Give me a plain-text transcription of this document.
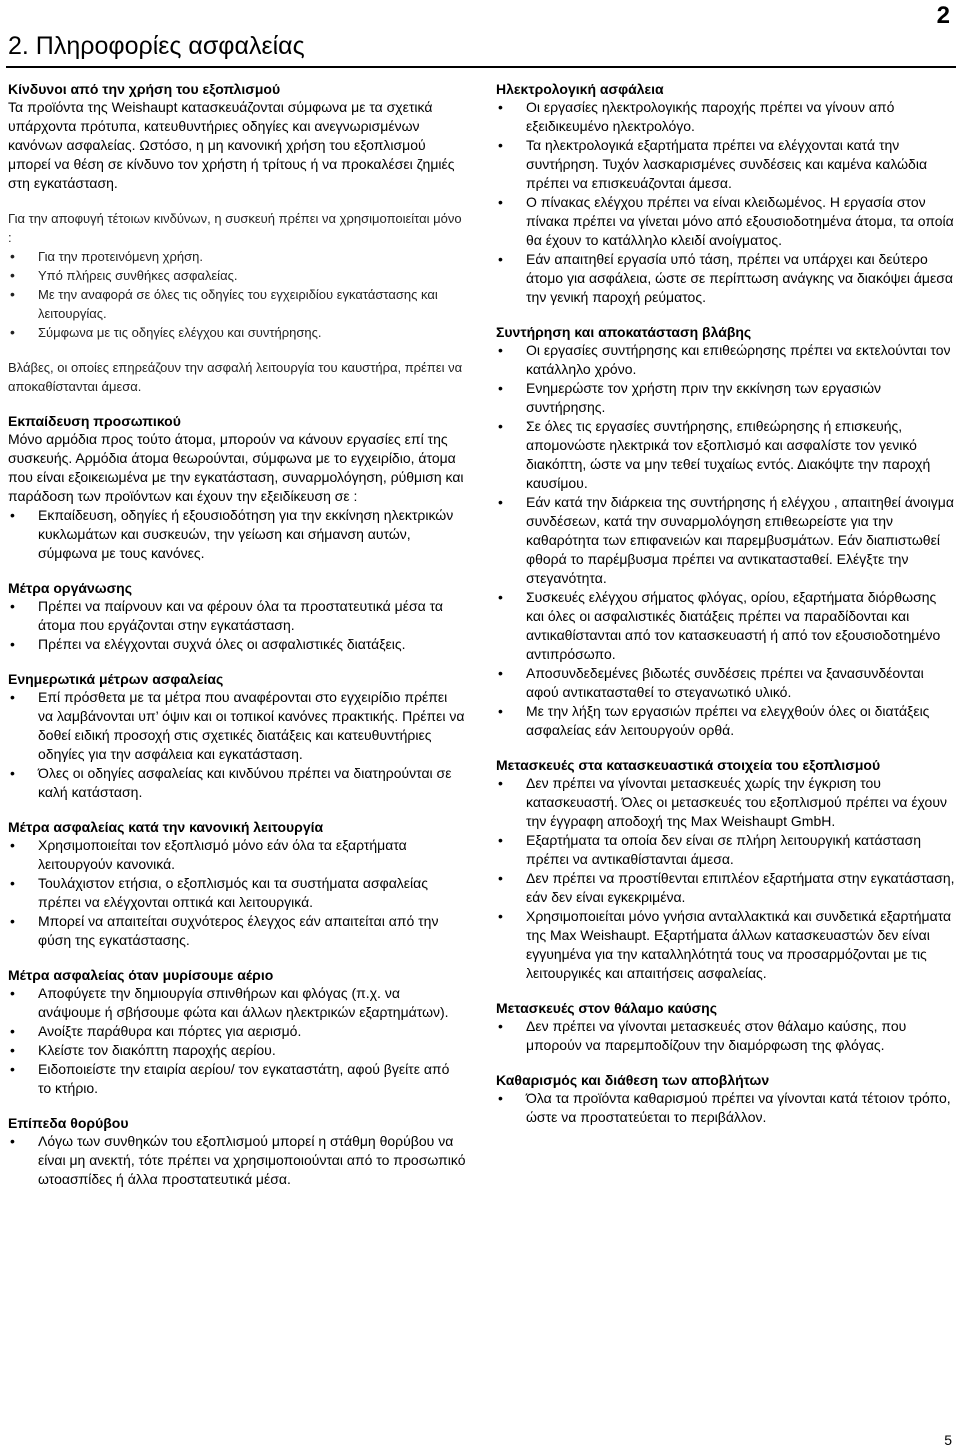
2. Πληροφορίες ασφαλείας
2
Κίνδυνοι από την χρήση του εξοπλισμού

Τα προϊόντα της Weishaupt κατασκευάζονται σύμφωνα με τα σχετικά υπάρχοντα πρότυπα, κατευθυντήριες οδηγίες και ανεγνωρισμένων κανόνων ασφαλείας. Ωστόσο, η μη κανονική χρήση του εξοπλισμού μπορεί να θέση σε κίνδυνο τον χρήστη ή τρίτους ή να προκαλέσει ζημιές στη εγκατάσταση.

Για την αποφυγή τέτοιων κινδύνων, η συσκευή πρέπει να χρησιμοποιείται μόνο :

• Για την προτεινόμενη χρήση.
• Υπό πλήρεις συνθήκες ασφαλείας.
• Με την αναφορά σε όλες τις οδηγίες του εγχειριδίου εγκατάστασης και λειτουργίας.
• Σύμφωνα με τις οδηγίες ελέγχου και συντήρησης.

Βλάβες, οι οποίες επηρεάζουν την ασφαλή λειτουργία του καυστήρα, πρέπει να αποκαθίστανται άμεσα.

Εκπαίδευση προσωπικού

Μόνο αρμόδια προς τούτο άτομα, μπορούν να κάνουν εργασίες επί της συσκευής. Αρμόδια άτομα θεωρούνται, σύμφωνα με το εγχειρίδιο, άτομα που είναι εξοικειωμένα με την εγκατάσταση, συναρμολόγηση, ρύθμιση και παράδοση των προϊόντων και έχουν την εξειδίκευση σε :

• Εκπαίδευση, οδηγίες ή εξουσιοδότηση για την εκκίνηση ηλεκτρικών κυκλωμάτων και συσκευών, την γείωση και σήμανση αυτών, σύμφωνα με τους κανόνες.
Μέτρα οργάνωσης
• Πρέπει να παίρνουν και να φέρουν όλα τα προστατευτικά μέσα τα άτομα που εργάζονται στην εγκατάσταση.
• Πρέπει να ελέγχονται συχνά όλες οι ασφαλιστικές διατάξεις.
Ενημερωτικά μέτρων ασφαλείας
• Επί πρόσθετα με τα μέτρα που αναφέρονται στο εγχειρίδιο πρέπει να λαμβάνονται υπ’ όψιν και οι τοπικοί κανόνες πρακτικής. Πρέπει να δοθεί ειδική προσοχή στις σχετικές διατάξεις και κατευθυντήριες οδηγίες για την ασφάλεια και εγκατάσταση.
• Όλες οι οδηγίες ασφαλείας και κινδύνου πρέπει να διατηρούνται σε καλή κατάσταση.
Μέτρα ασφαλείας κατά την κανονική λειτουργία
• Χρησιμοποιείται τον εξοπλισμό μόνο εάν όλα τα εξαρτήματα λειτουργούν κανονικά.
• Τουλάχιστον ετήσια, ο εξοπλισμός και τα συστήματα ασφαλείας πρέπει να ελέγχονται οπτικά και λειτουργικά.
• Μπορεί να απαιτείται συχνότερος έλεγχος εάν απαιτείται από την φύση της εγκατάστασης.
Μέτρα ασφαλείας όταν μυρίσουμε αέριο
• Αποφύγετε την δημιουργία σπινθήρων και φλόγας (π.χ. να ανάψουμε ή σβήσουμε φώτα και άλλων ηλεκτρικών εξαρτημάτων).
• Ανοίξτε παράθυρα και πόρτες για αερισμό.
• Κλείστε τον διακόπτη παροχής αερίου.
• Ειδοποιείστε την εταιρία αερίου/ τον εγκαταστάτη, αφού βγείτε από το κτήριο.
Επίπεδα θορύβου
• Λόγω των συνθηκών του εξοπλισμού μπορεί η στάθμη θορύβου να είναι μη ανεκτή, τότε πρέπει να χρησιμοποιούνται από το προσωπικό ωτοασπίδες ή άλλα προστατευτικά μέσα.
Ηλεκτρολογική ασφάλεια
• Οι εργασίες ηλεκτρολογικής παροχής πρέπει να γίνουν από εξειδικευμένο ηλεκτρολόγο.
• Τα ηλεκτρολογικά εξαρτήματα πρέπει να ελέγχονται κατά την συντήρηση. Τυχόν λασκαρισμένες συνδέσεις και καμένα καλώδια πρέπει να επισκευάζονται άμεσα.
• Ο πίνακας ελέγχου πρέπει να είναι κλειδωμένος. Η εργασία στον πίνακα πρέπει να γίνεται μόνο από εξουσιοδοτημένα άτομα, τα οποία θα έχουν το κατάλληλο κλειδί ανοίγματος.
• Εάν απαιτηθεί εργασία υπό τάση, πρέπει να υπάρχει και δεύτερο άτομο για ασφάλεια, ώστε σε περίπτωση ανάγκης να διακόψει άμεσα την γενική παροχή ρεύματος.
Συντήρηση και αποκατάσταση βλάβης
• Οι εργασίες συντήρησης και επιθεώρησης πρέπει να εκτελούνται τον κατάλληλο χρόνο.
• Ενημερώστε τον χρήστη πριν την εκκίνηση των εργασιών συντήρησης.
• Σε όλες τις εργασίες συντήρησης, επιθεώρησης ή επισκευής, απομονώστε ηλεκτρικά τον εξοπλισμό και ασφαλίστε τον γενικό διακόπτη, ώστε να μην τεθεί τυχαίως εντός. Διακόψτε την παροχή καυσίμου.
• Εάν κατά την διάρκεια της συντήρησης ή ελέγχου , απαιτηθεί άνοιγμα συνδέσεων, κατά την συναρμολόγηση επιθεωρείστε για την καθαρότητα των επιφανειών και παρεμβυσμάτων. Εάν διαπιστωθεί φθορά το παρέμβυσμα πρέπει να αντικατασταθεί. Ελέγξτε την στεγανότητα.
• Συσκευές ελέγχου σήματος φλόγας, ορίου, εξαρτήματα διόρθωσης και όλες οι ασφαλιστικές διατάξεις πρέπει να παραδίδονται και αντικαθίστανται από τον κατασκευαστή ή από τον εξουσιοδοτημένο αντιπρόσωπο.
• Αποσυνδεδεμένες βιδωτές συνδέσεις πρέπει να ξανασυνδέονται αφού αντικατασταθεί το στεγανωτικό υλικό.
• Με την λήξη των εργασιών πρέπει να ελεγχθούν όλες οι διατάξεις ασφαλείας εάν λειτουργούν ορθά.
Μετασκευές στα κατασκευαστικά στοιχεία του εξοπλισμού
• Δεν πρέπει να γίνονται μετασκευές χωρίς την έγκριση του κατασκευαστή. Όλες οι μετασκευές του εξοπλισμού πρέπει να έχουν την έγγραφη αποδοχή της Max Weishaupt GmbH.
• Εξαρτήματα τα οποία δεν είναι σε πλήρη λειτουργική κατάσταση πρέπει να αντικαθίστανται άμεσα.
• Δεν πρέπει να προστίθενται επιπλέον εξαρτήματα στην εγκατάσταση, εάν δεν είναι εγκεκριμένα.
• Χρησιμοποιείται μόνο γνήσια ανταλλακτικά και συνδετικά εξαρτήματα της Max Weishaupt. Εξαρτήματα άλλων κατασκευαστών δεν είναι εγγυημένα για την καταλληλότητά τους να προσαρμόζονται με τις λειτουργικές και απαιτήσεις ασφαλείας.
Μετασκευές στον θάλαμο καύσης
• Δεν πρέπει να γίνονται μετασκευές στον θάλαμο καύσης, που μπορούν να παρεμποδίζουν την διαμόρφωση της φλόγας.
Καθαρισμός και διάθεση των αποβλήτων
• Όλα τα προϊόντα καθαρισμού πρέπει να γίνονται κατά τέτοιον τρόπο, ώστε να προστατεύεται το περιβάλλον.
5
